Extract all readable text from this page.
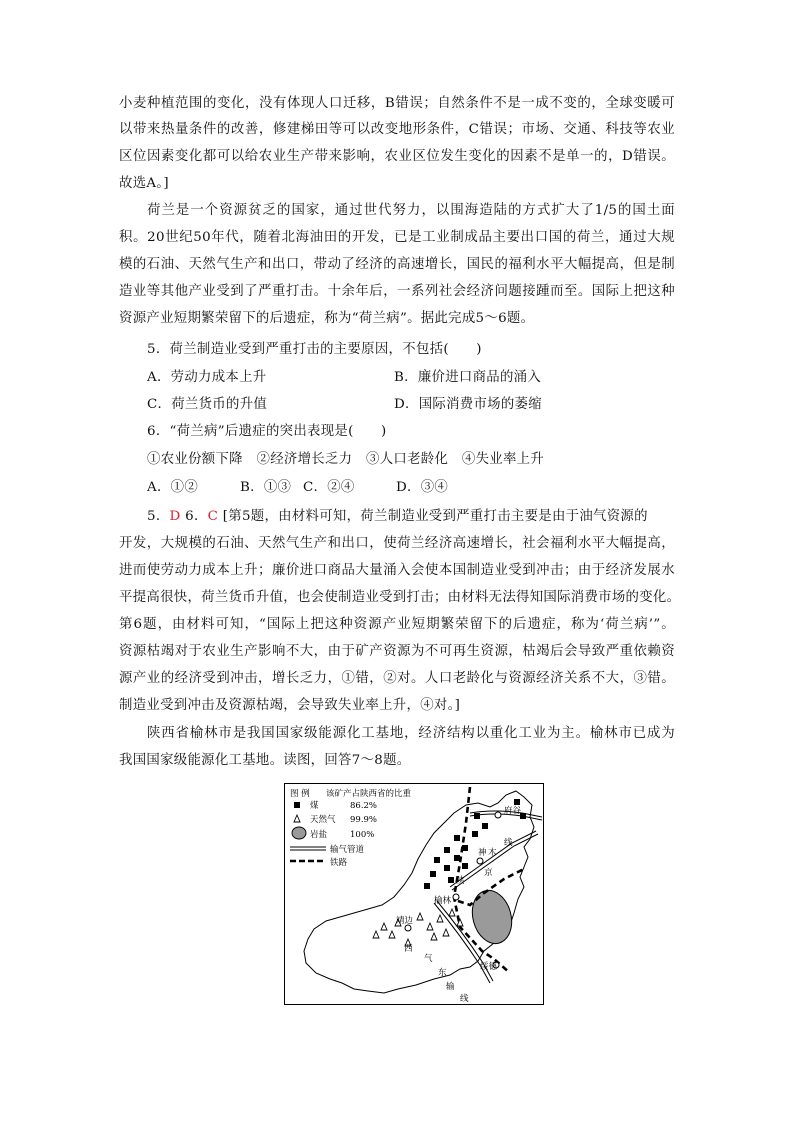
小麦种植范围的变化，没有体现人口迁移，B错误；自然条件不是一成不变的，全球变暖可
以带来热量条件的改善，修建梯田等可以改变地形条件，C错误；市场、交通、科技等农业
区位因素变化都可以给农业生产带来影响，农业区位发生变化的因素不是单一的，D错误。
故选A。]
荷兰是一个资源贫乏的国家，通过世代努力，以围海造陆的方式扩大了1/5的国土面
积。20世纪50年代，随着北海油田的开发，已是工业制成品主要出口国的荷兰，通过大规
模的石油、天然气生产和出口，带动了经济的高速增长，国民的福利水平大幅提高，但是制
造业等其他产业受到了严重打击。十余年后，一系列社会经济问题接踵而至。国际上把这种
资源产业短期繁荣留下的后遗症，称为“荷兰病”。据此完成5～6题。
5．荷兰制造业受到严重打击的主要原因，不包括(　　)
A．劳动力成本上升	B．廉价进口商品的涌入
C．荷兰货币的升值	D．国际消费市场的萎缩
6．“荷兰病”后遗症的突出表现是(　　)
①农业份额下降　②经济增长乏力　③人口老龄化　④失业率上升
A．①②	B．①③ C．②④	D．③④
5．D 6．C [第5题，由材料可知，荷兰制造业受到严重打击主要是由于油气资源的
开发，大规模的石油、天然气生产和出口，使荷兰经济高速增长，社会福利水平大幅提高，
进而使劳动力成本上升；廉价进口商品大量涌入会使本国制造业受到冲击；由于经济发展水
平提高很快，荷兰货币升值，也会使制造业受到打击；由材料无法得知国际消费市场的变化。
第6题，由材料可知，“国际上把这种资源产业短期繁荣留下的后遗症，称为‘荷兰病’”。
资源枯竭对于农业生产影响不大，由于矿产资源为不可再生资源，枯竭后会导致严重依赖资
源产业的经济受到冲击，增长乏力，①错，②对。人口老龄化与资源经济关系不大，③错。
制造业受到冲击及资源枯竭，会导致失业率上升，④对。]
陕西省榆林市是我国国家级能源化工基地，经济结构以重化工业为主。榆林市已成为
我国国家级能源化工基地。读图，回答7～8题。
图 例 该矿产占陕西省的比重
煤	86.2%
天然气 99.9%
岩盐	100%
输气管道
铁路
府谷
榆林
靖边
绥德
神 木
线
京
陕
西
气
东
输
线
